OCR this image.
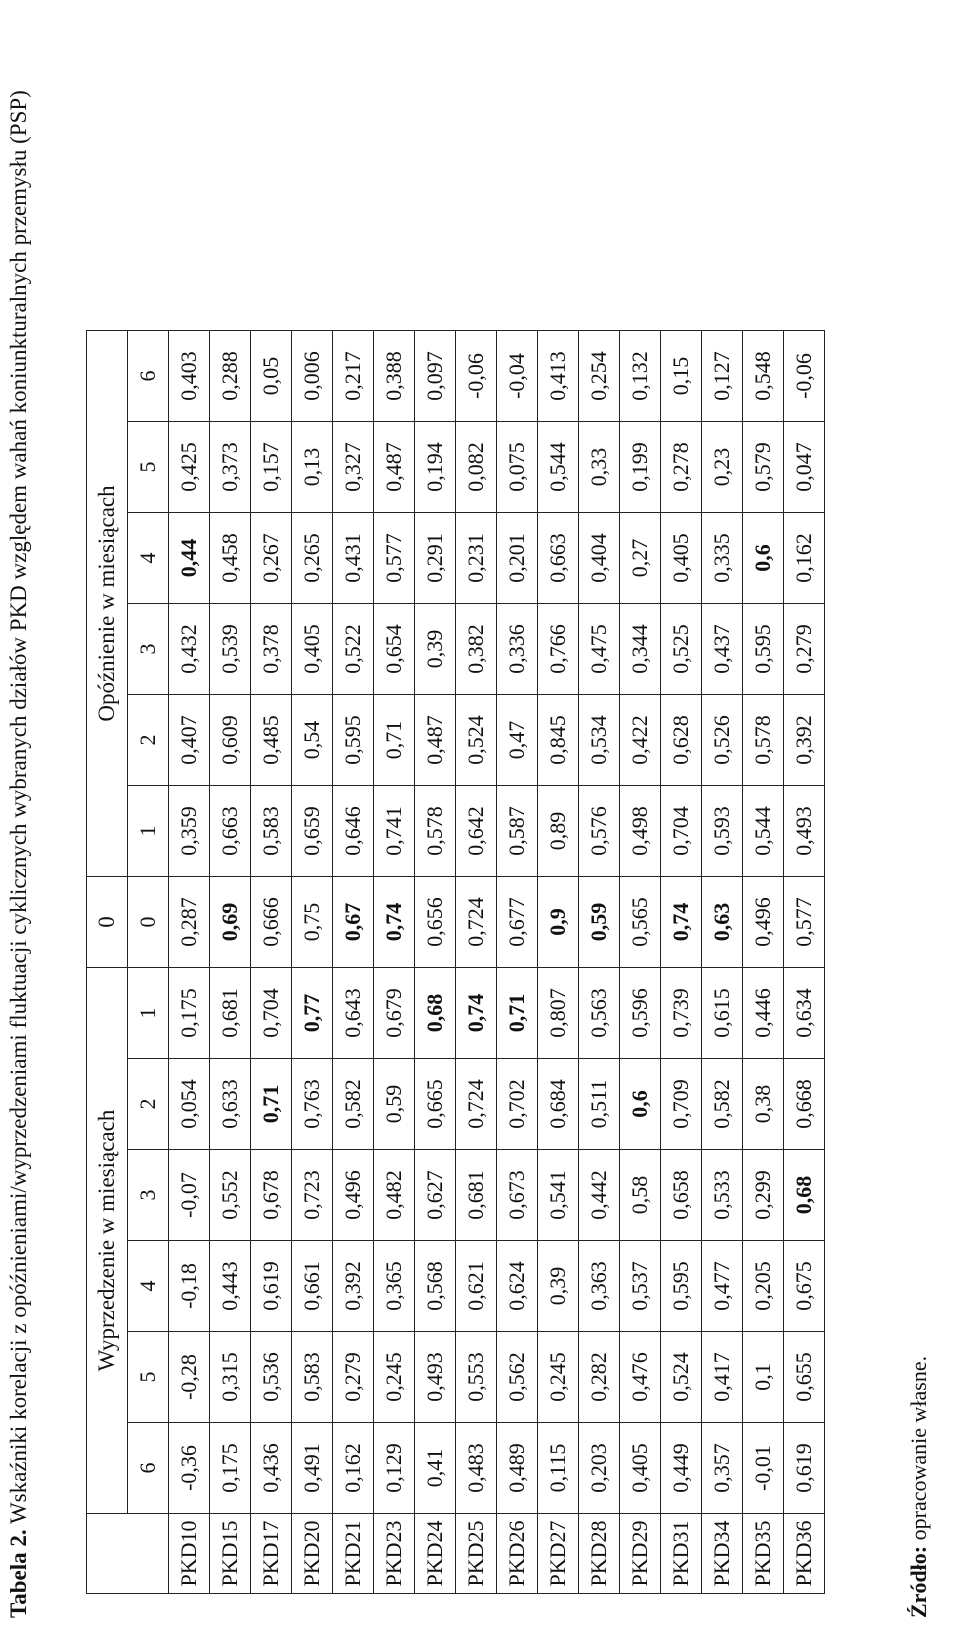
Tabela 2. Wskaźniki korelacji z opóźnieniami/wyprzedzeniami fluktuacji cyklicznych wybranych działów PKD względem wahań koniunkturalnych przemysłu (PSP)
		Wyprzedzenie w miesiącach						0	Opóźnienie w miesiącach					
	6	5	4	3	2	1	0	1	2	3	4	5	6
PKD10	-0,36	-0,28	-0,18	-0,07	0,054	0,175	0,287	0,359	0,407	0,432	0,44	0,425	0,403
PKD15	0,175	0,315	0,443	0,552	0,633	0,681	0,69	0,663	0,609	0,539	0,458	0,373	0,288
PKD17	0,436	0,536	0,619	0,678	0,71	0,704	0,666	0,583	0,485	0,378	0,267	0,157	0,05
PKD20	0,491	0,583	0,661	0,723	0,763	0,77	0,75	0,659	0,54	0,405	0,265	0,13	0,006
PKD21	0,162	0,279	0,392	0,496	0,582	0,643	0,67	0,646	0,595	0,522	0,431	0,327	0,217
PKD23	0,129	0,245	0,365	0,482	0,59	0,679	0,74	0,741	0,71	0,654	0,577	0,487	0,388
PKD24	0,41	0,493	0,568	0,627	0,665	0,68	0,656	0,578	0,487	0,39	0,291	0,194	0,097
PKD25	0,483	0,553	0,621	0,681	0,724	0,74	0,724	0,642	0,524	0,382	0,231	0,082	-0,06
PKD26	0,489	0,562	0,624	0,673	0,702	0,71	0,677	0,587	0,47	0,336	0,201	0,075	-0,04
PKD27	0,115	0,245	0,39	0,541	0,684	0,807	0,9	0,89	0,845	0,766	0,663	0,544	0,413
PKD28	0,203	0,282	0,363	0,442	0,511	0,563	0,59	0,576	0,534	0,475	0,404	0,33	0,254
PKD29	0,405	0,476	0,537	0,58	0,6	0,596	0,565	0,498	0,422	0,344	0,27	0,199	0,132
PKD31	0,449	0,524	0,595	0,658	0,709	0,739	0,74	0,704	0,628	0,525	0,405	0,278	0,15
PKD34	0,357	0,417	0,477	0,533	0,582	0,615	0,63	0,593	0,526	0,437	0,335	0,23	0,127
PKD35	-0,01	0,1	0,205	0,299	0,38	0,446	0,496	0,544	0,578	0,595	0,6	0,579	0,548
PKD36	0,619	0,655	0,675	0,68	0,668	0,634	0,577	0,493	0,392	0,279	0,162	0,047	-0,06
Źródło: opracowanie własne.
